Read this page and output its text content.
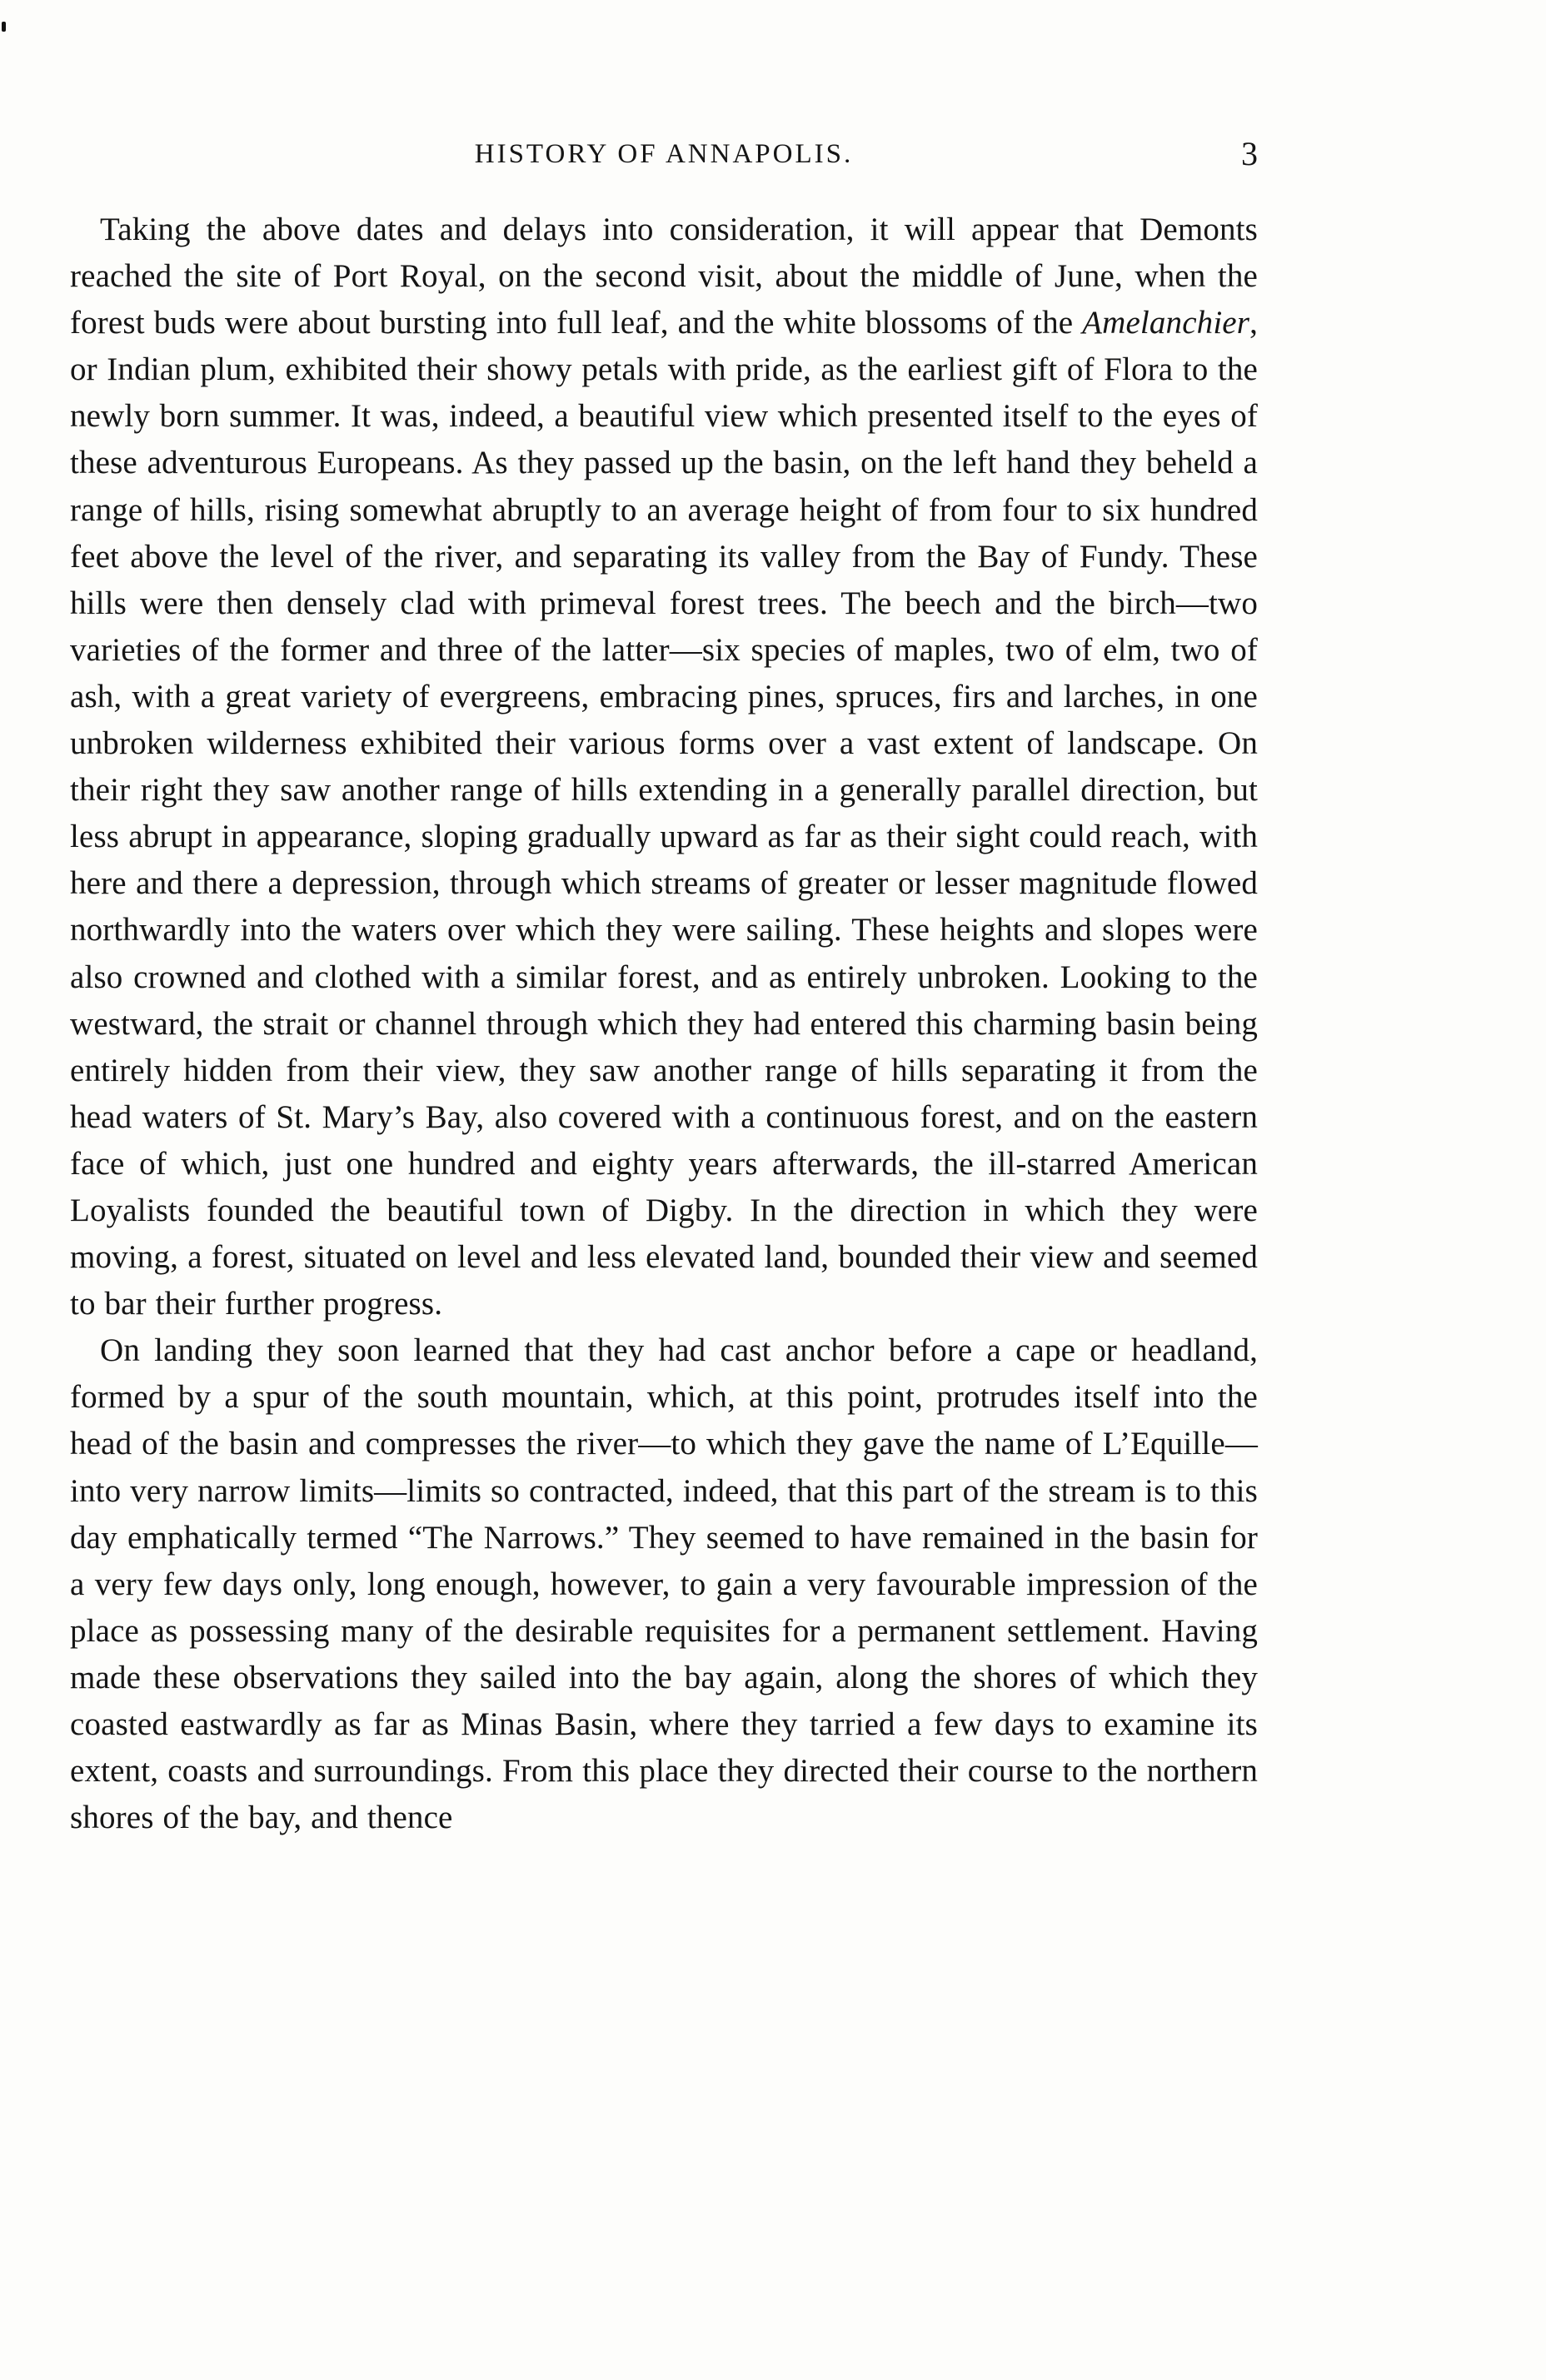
HISTORY OF ANNAPOLIS.	3

Taking the above dates and delays into consideration, it will appear that Demonts reached the site of Port Royal, on the second visit, about the middle of June, when the forest buds were about bursting into full leaf, and the white blossoms of the Amelanchier, or Indian plum, exhibited their showy petals with pride, as the earliest gift of Flora to the newly born summer. It was, indeed, a beautiful view which presented itself to the eyes of these adventurous Europeans. As they passed up the basin, on the left hand they beheld a range of hills, rising somewhat abruptly to an average height of from four to six hundred feet above the level of the river, and separating its valley from the Bay of Fundy. These hills were then densely clad with primeval forest trees. The beech and the birch—two varieties of the former and three of the latter—six species of maples, two of elm, two of ash, with a great variety of evergreens, embracing pines, spruces, firs and larches, in one unbroken wilderness exhibited their various forms over a vast extent of landscape. On their right they saw another range of hills extending in a generally parallel direction, but less abrupt in appearance, sloping gradually upward as far as their sight could reach, with here and there a depression, through which streams of greater or lesser magnitude flowed northwardly into the waters over which they were sailing. These heights and slopes were also crowned and clothed with a similar forest, and as entirely unbroken. Looking to the westward, the strait or channel through which they had entered this charming basin being entirely hidden from their view, they saw another range of hills separating it from the head waters of St. Mary’s Bay, also covered with a continuous forest, and on the eastern face of which, just one hundred and eighty years afterwards, the ill-starred American Loyalists founded the beautiful town of Digby. In the direction in which they were moving, a forest, situated on level and less elevated land, bounded their view and seemed to bar their further progress.

On landing they soon learned that they had cast anchor before a cape or headland, formed by a spur of the south mountain, which, at this point, protrudes itself into the head of the basin and compresses the river—to which they gave the name of L’Equille—into very narrow limits—limits so contracted, indeed, that this part of the stream is to this day emphatically termed “The Narrows.” They seemed to have remained in the basin for a very few days only, long enough, however, to gain a very favourable impression of the place as possessing many of the desirable requisites for a permanent settlement. Having made these observations they sailed into the bay again, along the shores of which they coasted eastwardly as far as Minas Basin, where they tarried a few days to examine its extent, coasts and surroundings. From this place they directed their course to the northern shores of the bay, and thence
